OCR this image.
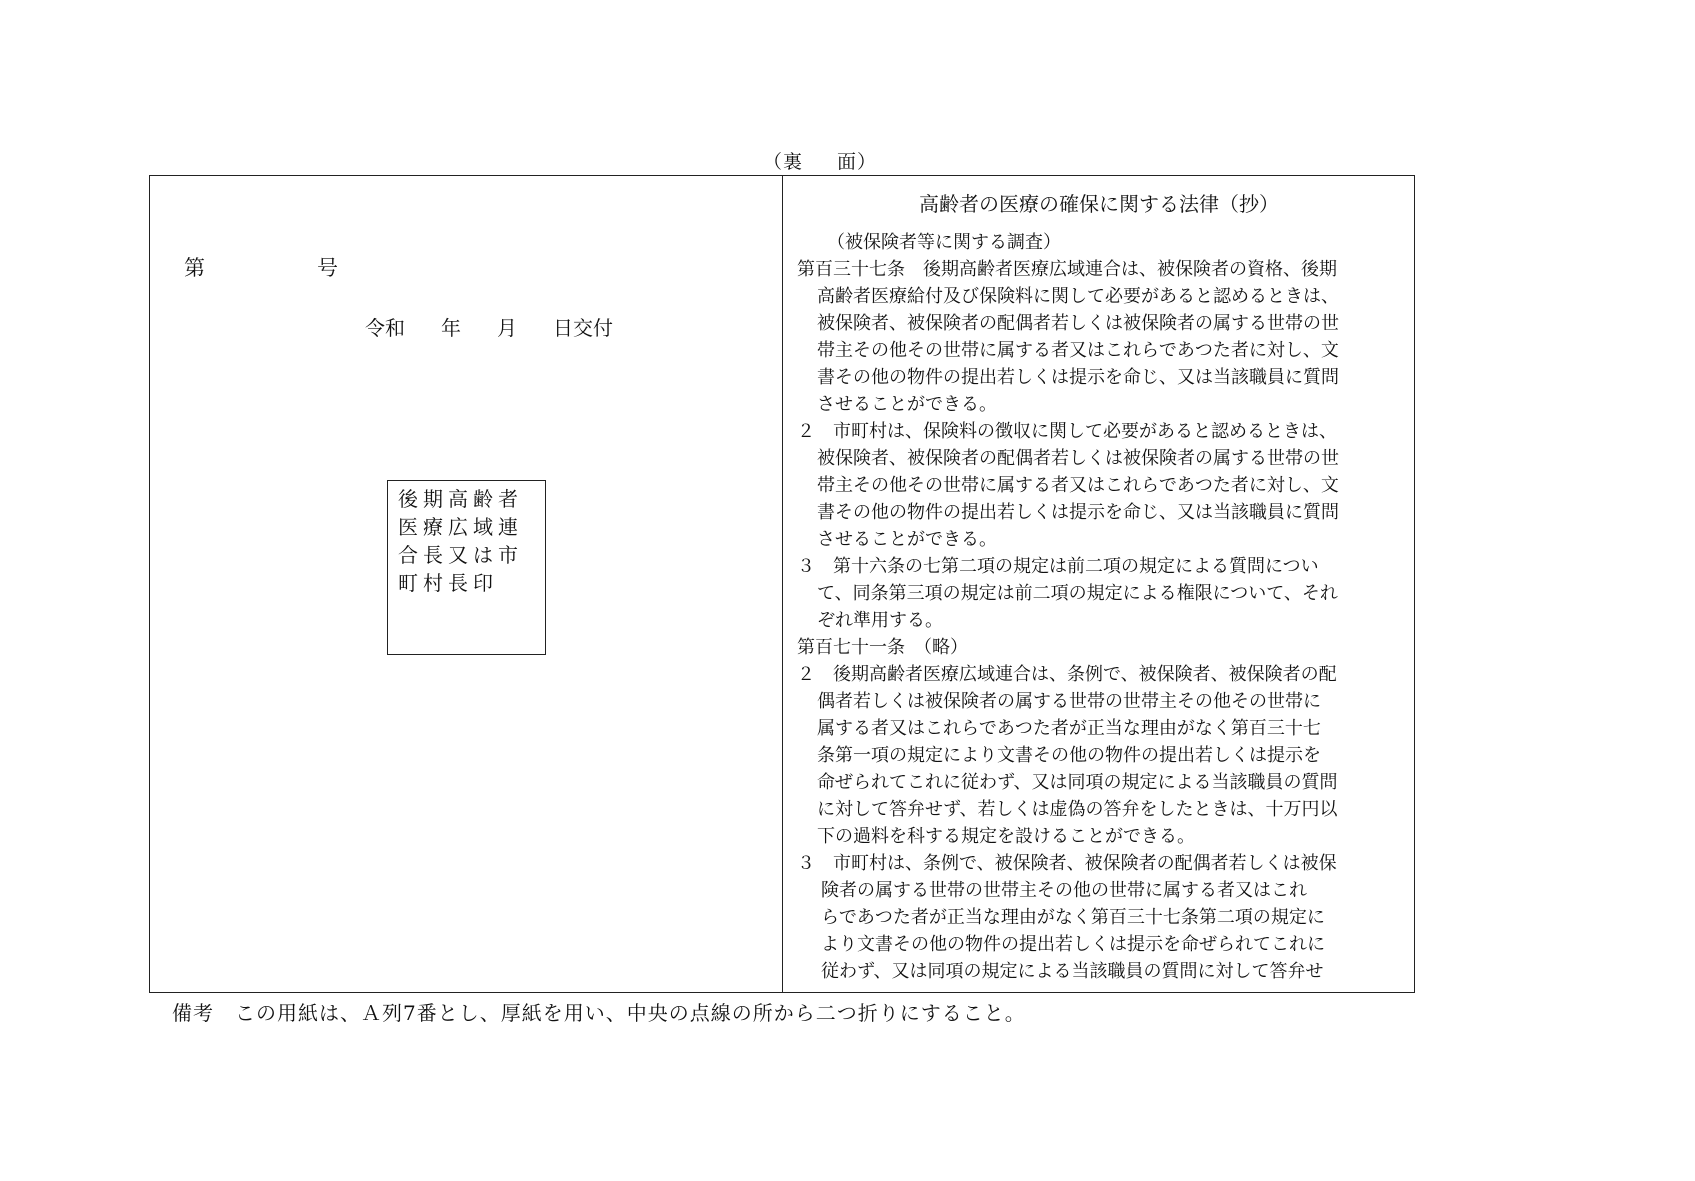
（裏 面）
第	号
令和 年 月 日交付
後期高齢者
医療広域連
合長又は市
町村長印
高齢者の医療の確保に関する法律（抄）

（被保険者等に関する調査）

第百三十七条　後期高齢者医療広域連合は、被保険者の資格、後期

高齢者医療給付及び保険料に関して必要があると認めるときは、

被保険者、被保険者の配偶者若しくは被保険者の属する世帯の世

帯主その他その世帯に属する者又はこれらであつた者に対し、文

書その他の物件の提出若しくは提示を命じ、又は当該職員に質問

させることができる。

２　市町村は、保険料の徴収に関して必要があると認めるときは、

被保険者、被保険者の配偶者若しくは被保険者の属する世帯の世

帯主その他その世帯に属する者又はこれらであつた者に対し、文

書その他の物件の提出若しくは提示を命じ、又は当該職員に質問

させることができる。

３　第十六条の七第二項の規定は前二項の規定による質問につい

て、同条第三項の規定は前二項の規定による権限について、それ

ぞれ準用する。

第百七十一条　（略）

２　後期高齢者医療広域連合は、条例で、被保険者、被保険者の配

偶者若しくは被保険者の属する世帯の世帯主その他その世帯に

属する者又はこれらであつた者が正当な理由がなく第百三十七

条第一項の規定により文書その他の物件の提出若しくは提示を

命ぜられてこれに従わず、又は同項の規定による当該職員の質問

に対して答弁せず、若しくは虚偽の答弁をしたときは、十万円以

下の過料を科する規定を設けることができる。

３　市町村は、条例で、被保険者、被保険者の配偶者若しくは被保

険者の属する世帯の世帯主その他の世帯に属する者又はこれ

らであつた者が正当な理由がなく第百三十七条第二項の規定に

より文書その他の物件の提出若しくは提示を命ぜられてこれに

従わず、又は同項の規定による当該職員の質問に対して答弁せ

備考　この用紙は、Ａ列7番とし、厚紙を用い、中央の点線の所から二つ折りにすること。
